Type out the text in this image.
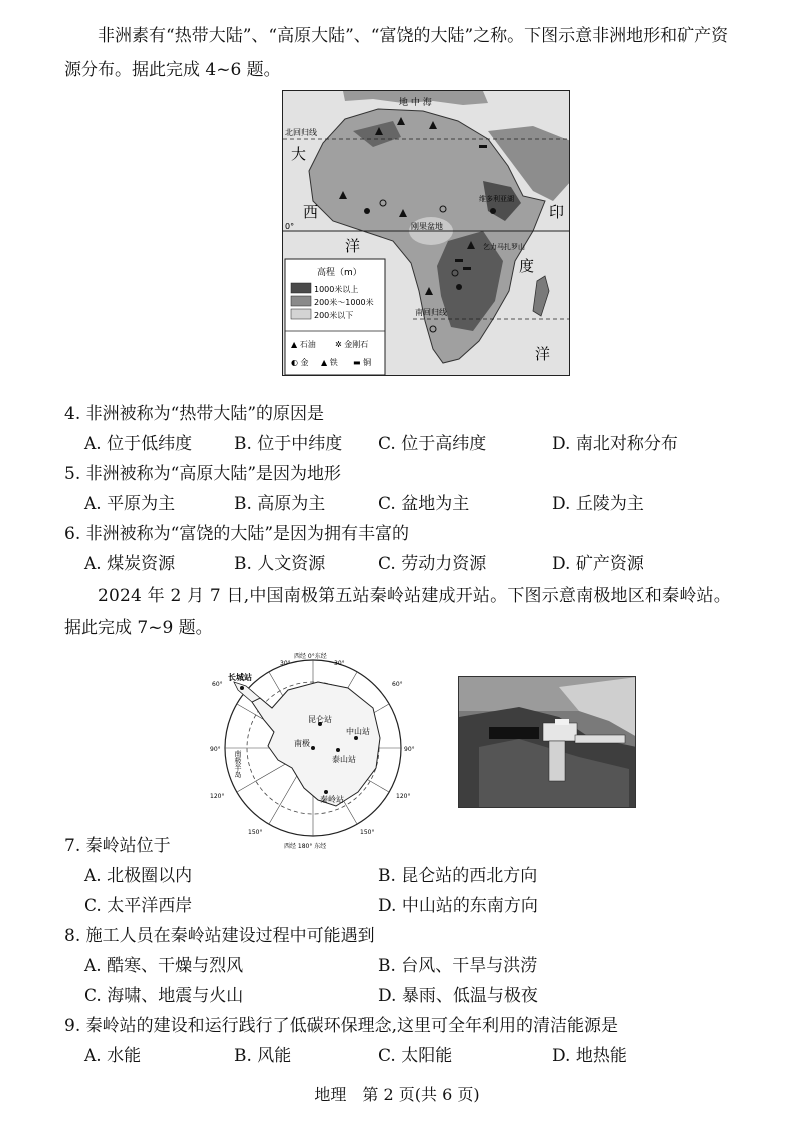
非洲素有“热带大陆”、“高原大陆”、“富饶的大陆”之称。下图示意非洲地形和矿产资
源分布。据此完成 4~6 题。
地 中 海
北回归线
0°	刚果盆地
维多利亚湖
乞力马扎罗山
南回归线
大
西
洋
印
度
洋
高程（m）
1000米以上
200米～1000米
200米以下
▲ 石油 ✲ 金刚石
◐ 金 ▲ 铁 ▬ 铜
4. 非洲被称为“热带大陆”的原因是
A. 位于低纬度 B. 位于中纬度 C. 位于高纬度	D. 南北对称分布
5. 非洲被称为“高原大陆”是因为地形
A. 平原为主	B. 高原为主	C. 盆地为主	D. 丘陵为主
6. 非洲被称为“富饶的大陆”是因为拥有丰富的
A. 煤炭资源	B. 人文资源	C. 劳动力资源	D. 矿产资源
2024 年 2 月 7 日,中国南极第五站秦岭站建成开站。下图示意南极地区和秦岭站。
据此完成 7~9 题。
西经 0°东经
西经 180° 东经
30°	30°
60°	60°
90°	90°
120°	120°
150°	150°
长城站
昆仑站
中山站
南极
泰山站
秦岭站
南极半岛
7. 秦岭站位于
A. 北极圈以内	B. 昆仑站的西北方向
C. 太平洋西岸	D. 中山站的东南方向
8. 施工人员在秦岭站建设过程中可能遇到
A. 酷寒、干燥与烈风	B. 台风、干旱与洪涝
C. 海啸、地震与火山	D. 暴雨、低温与极夜
9. 秦岭站的建设和运行践行了低碳环保理念,这里可全年利用的清洁能源是
A. 水能	B. 风能	C. 太阳能	D. 地热能
地理　第 2 页(共 6 页)
